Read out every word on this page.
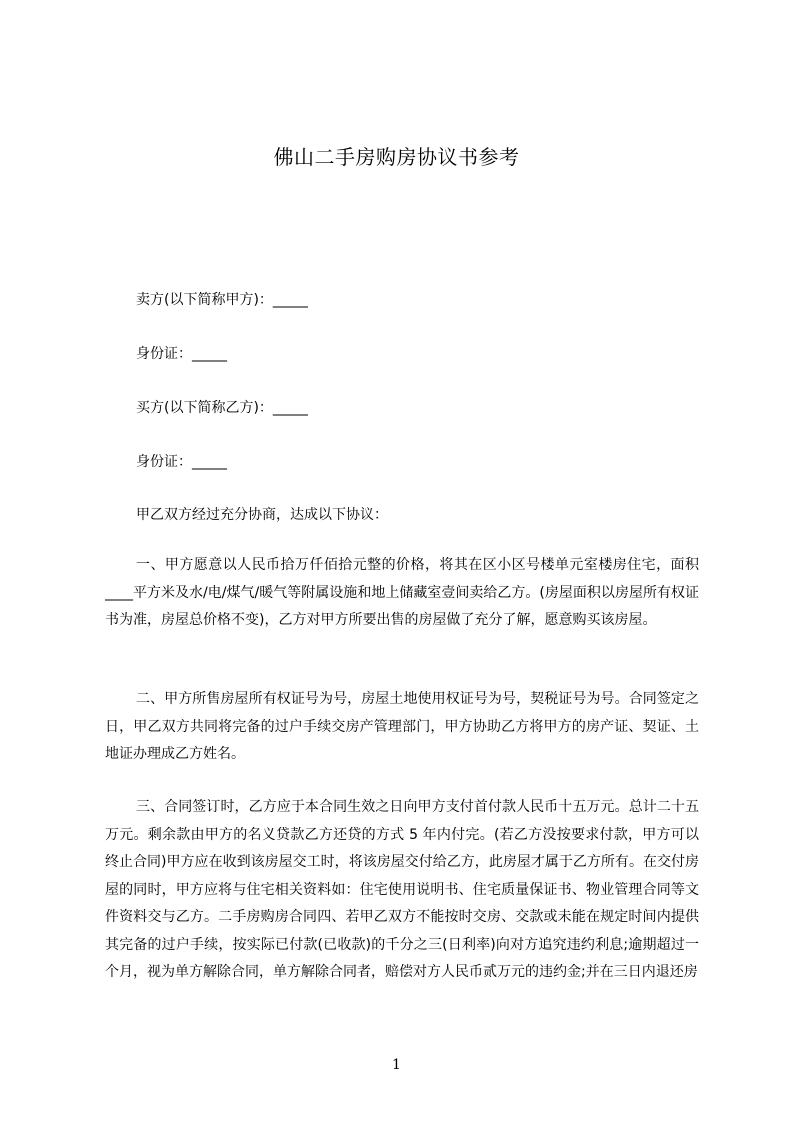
佛山二手房购房协议书参考
卖方(以下简称甲方)：_____
身份证：_____
买方(以下简称乙方)：_____
身份证：_____
甲乙双方经过充分协商，达成以下协议：
一、甲方愿意以人民币拾万仟佰拾元整的价格，将其在区小区号楼单元室楼房住宅，面积____平方米及水/电/煤气/暖气等附属设施和地上储藏室壹间卖给乙方。(房屋面积以房屋所有权证书为准，房屋总价格不变)，乙方对甲方所要出售的房屋做了充分了解，愿意购买该房屋。
二、甲方所售房屋所有权证号为号，房屋土地使用权证号为号，契税证号为号。合同签定之日，甲乙双方共同将完备的过户手续交房产管理部门，甲方协助乙方将甲方的房产证、契证、土地证办理成乙方姓名。
三、合同签订时，乙方应于本合同生效之日向甲方支付首付款人民币十五万元。总计二十五万元。剩余款由甲方的名义贷款乙方还贷的方式 5 年内付完。(若乙方没按要求付款，甲方可以终止合同)甲方应在收到该房屋交工时，将该房屋交付给乙方，此房屋才属于乙方所有。在交付房屋的同时，甲方应将与住宅相关资料如：住宅使用说明书、住宅质量保证书、物业管理合同等文件资料交与乙方。二手房购房合同四、若甲乙双方不能按时交房、交款或未能在规定时间内提供其完备的过户手续，按实际已付款(已收款)的千分之三(日利率)向对方追究违约利息;逾期超过一个月，视为单方解除合同，单方解除合同者，赔偿对方人民币贰万元的违约金;并在三日内退还房
1
